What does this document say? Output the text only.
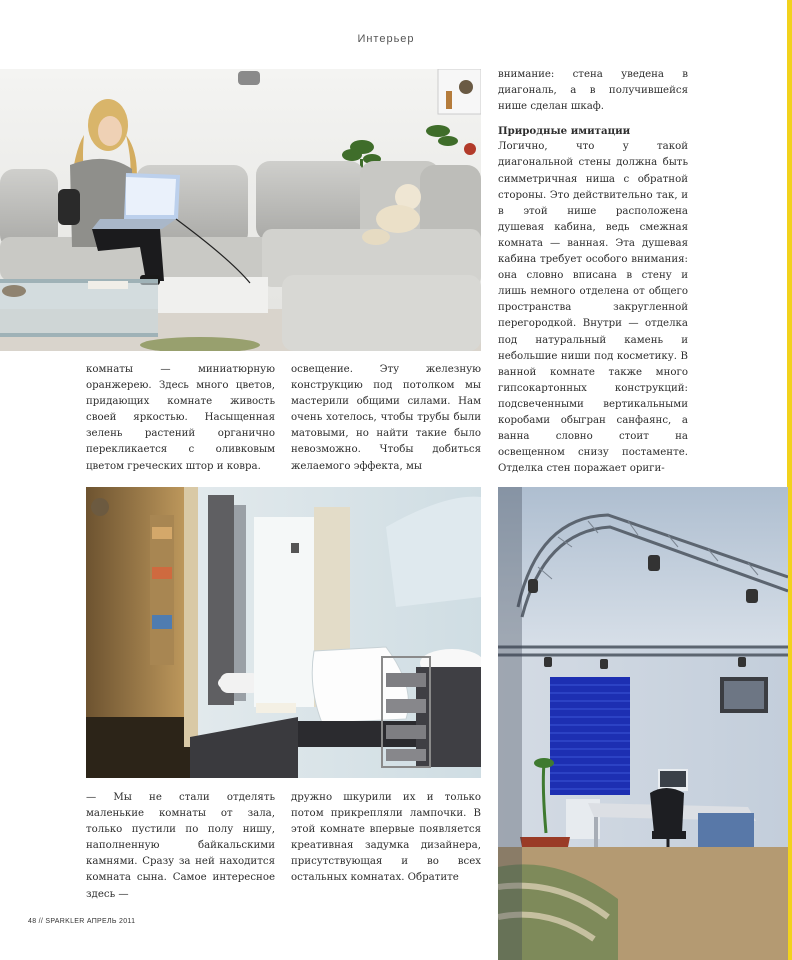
Интерьер

внимание: стена уведена в диагональ, а в получившейся нише сделан шкаф.

Природные имитации

Логично, что у такой диагональной стены должна быть симметричная ниша с обратной стороны. Это действительно так, и в этой нише расположена душевая кабина, ведь смежная комната — ванная. Эта душевая кабина требует особого внимания: она словно вписана в стену и лишь немного отделена от общего пространства закругленной перегородкой. Внутри — отделка под натуральный камень и небольшие ниши под косметику. В ванной комнате также много гипсокартонных конструкций: подсвеченными вертикальными коробами обыгран санфаянс, а ванна словно стоит на освещенном снизу постаменте. Отделка стен поражает ориги-

комнаты — миниатюрную оранжерею. Здесь много цветов, придающих комнате живость своей яркостью. Насыщенная зелень растений органично перекликается с оливковым цветом греческих штор и ковра.

освещение. Эту железную конструкцию под потолком мы мастерили общими силами. Нам очень хотелось, чтобы трубы были матовыми, но найти такие было невозможно. Чтобы добиться желаемого эффекта, мы

— Мы не стали отделять маленькие комнаты от зала, только пустили по полу нишу, наполненную байкальскими камнями. Сразу за ней находится комната сына. Самое интересное здесь —

дружно шкурили их и только потом прикрепляли лампочки. В этой комнате впервые появляется креативная задумка дизайнера, присутствующая и во всех остальных комнатах. Обратите

48 // SPARKLER АПРЕЛЬ 2011
